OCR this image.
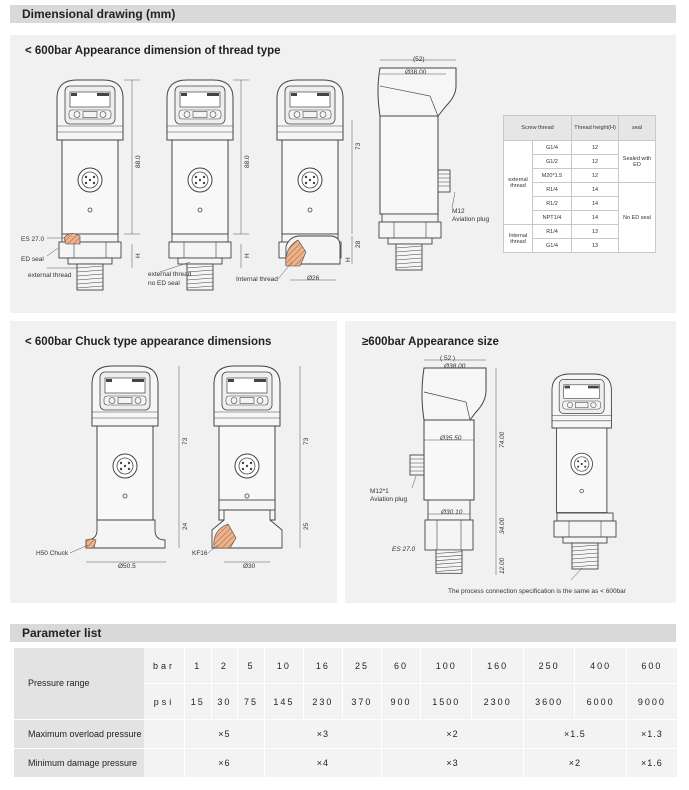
Dimensional drawing (mm)
< 600bar Appearance dimension of thread type
ES 27.0
ED seal
external thread	external thread
no ED seal
Internal thread
M12
Aviation plug
88.0	88.0
73
H	H
H
28
Ø26
(52)
Ø38.00
Screw thread		Thread height(H)	seal
external thread	G1/4	12	Sealed with ED
	G1/2	12	
	M20*1.5	12	
	R1/4	14	No ED seal
	R1/2	14	
	NPT1/4	14	
Internal thread	R1/4	13	
	G1/4	13	
< 600bar Chuck type appearance dimensions
H50 Chuck	KF16
73	73
24	25
Ø50.5	Ø30
≥600bar Appearance size
M12*1
Aviation plug
ES 27.0
( 52 )
Ø38.00
Ø35.50
Ø30.10
74.00
34.00
12.00
The process connection specification is the same as < 600bar
Parameter list
Pressure range	bar	1	2	5	10	16	25	60	100	160	250	400	600
	psi	15	30	75	145	230	370	900	1500	2300	3600	6000	9000
Maximum overload pressure		×5			×3			×2			×1.5		×1.3
Minimum damage pressure		×6			×4			×3			×2		×1.6
